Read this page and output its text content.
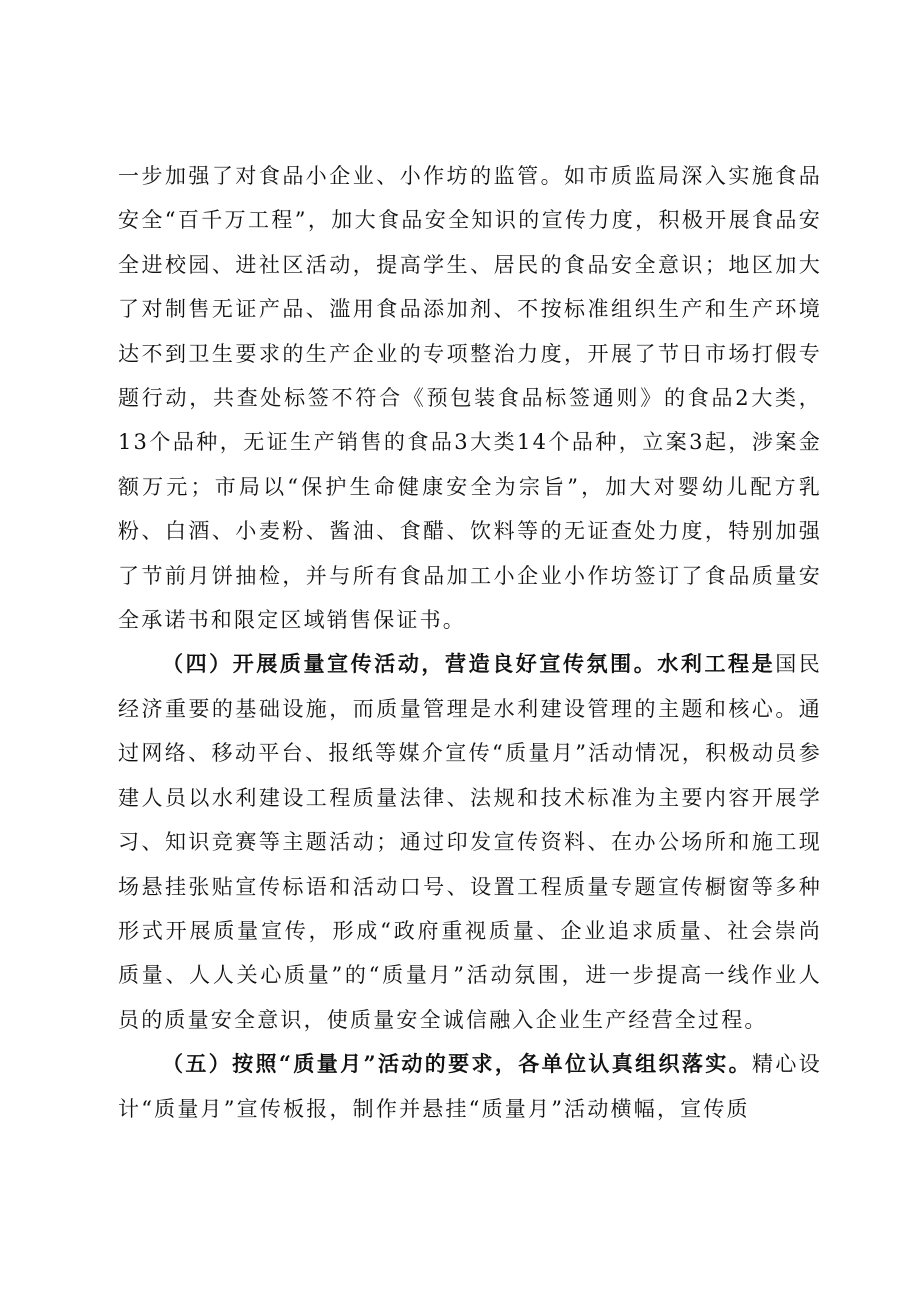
一步加强了对食品小企业、小作坊的监管。如市质监局深入实施食品安全“百千万工程”，加大食品安全知识的宣传力度，积极开展食品安全进校园、进社区活动，提高学生、居民的食品安全意识；地区加大了对制售无证产品、滥用食品添加剂、不按标准组织生产和生产环境达不到卫生要求的生产企业的专项整治力度，开展了节日市场打假专题行动，共查处标签不符合《预包装食品标签通则》的食品2大类，13个品种，无证生产销售的食品3大类14个品种，立案3起，涉案金额万元；市局以“保护生命健康安全为宗旨”，加大对婴幼儿配方乳粉、白酒、小麦粉、酱油、食醋、饮料等的无证查处力度，特别加强了节前月饼抽检，并与所有食品加工小企业小作坊签订了食品质量安全承诺书和限定区域销售保证书。

（四）开展质量宣传活动，营造良好宣传氛围。水利工程是国民经济重要的基础设施，而质量管理是水利建设管理的主题和核心。通过网络、移动平台、报纸等媒介宣传“质量月”活动情况，积极动员参建人员以水利建设工程质量法律、法规和技术标准为主要内容开展学习、知识竞赛等主题活动；通过印发宣传资料、在办公场所和施工现场悬挂张贴宣传标语和活动口号、设置工程质量专题宣传橱窗等多种形式开展质量宣传，形成“政府重视质量、企业追求质量、社会崇尚质量、人人关心质量”的“质量月”活动氛围，进一步提高一线作业人员的质量安全意识，使质量安全诚信融入企业生产经营全过程。

（五）按照“质量月”活动的要求，各单位认真组织落实。精心设计“质量月”宣传板报，制作并悬挂“质量月”活动横幅，宣传质
